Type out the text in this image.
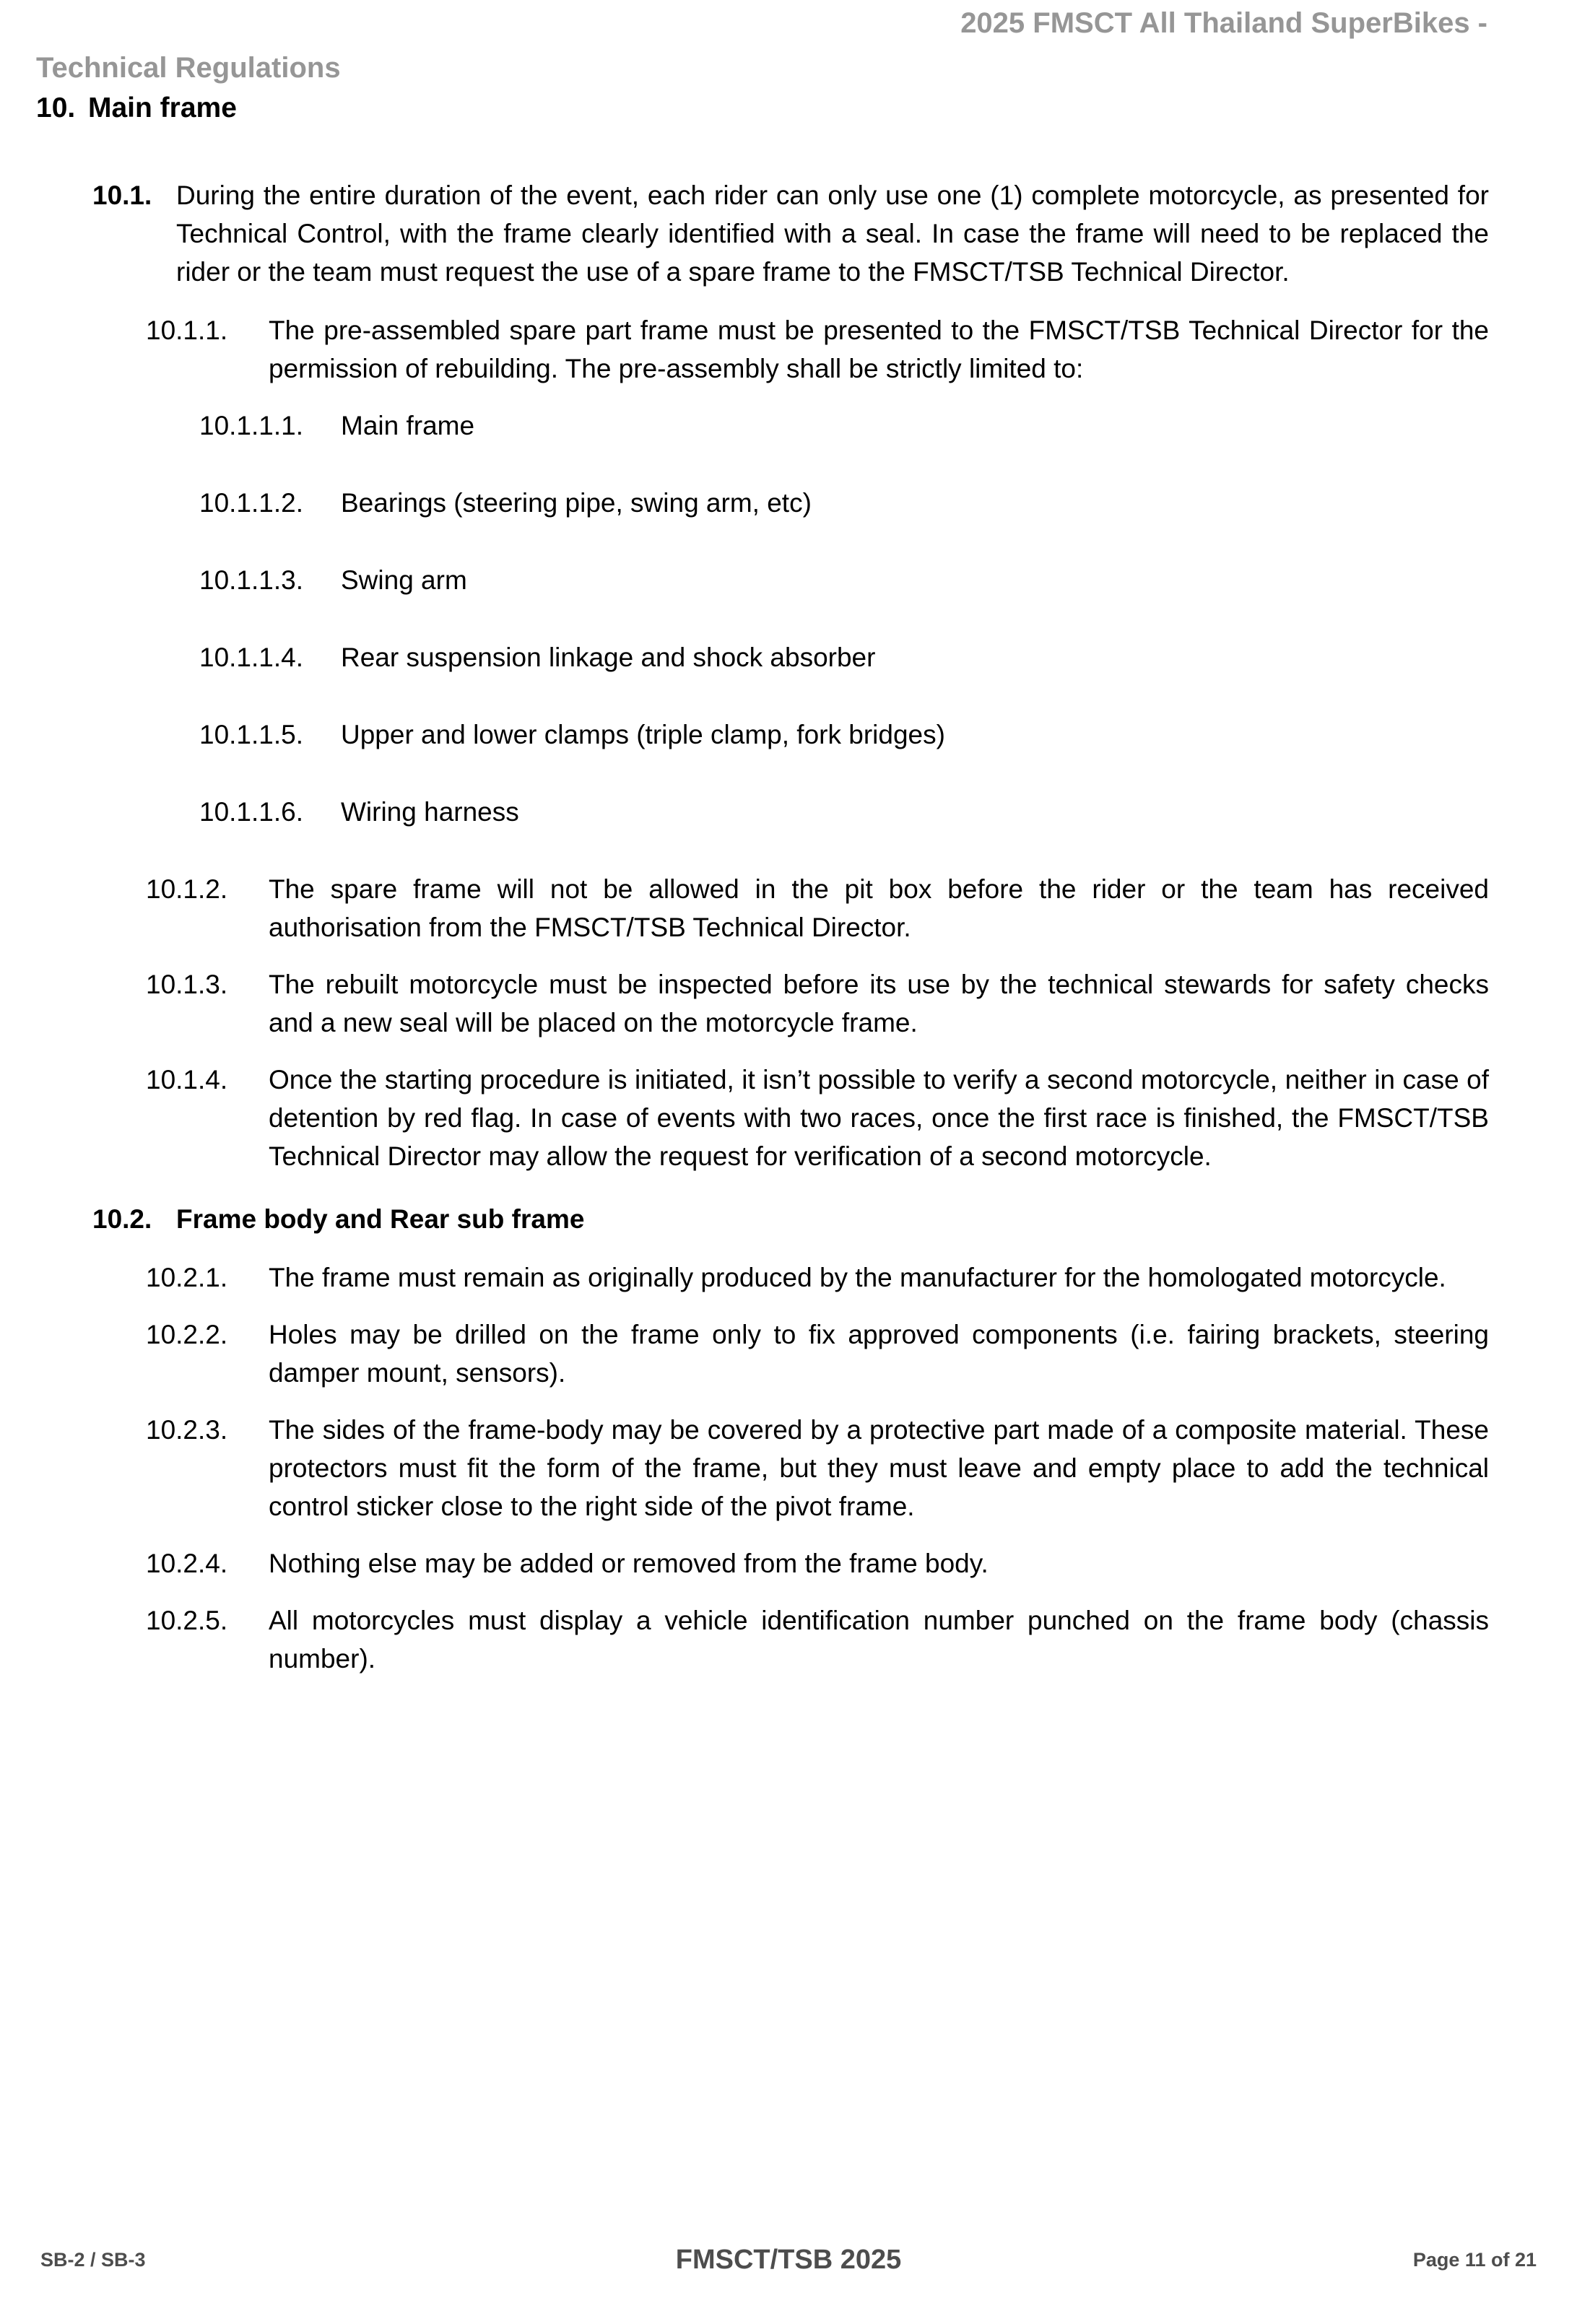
2025 FMSCT All Thailand SuperBikes -
Technical Regulations
10. Main frame
10.1. During the entire duration of the event, each rider can only use one (1) complete motorcycle, as presented for Technical Control, with the frame clearly identified with a seal. In case the frame will need to be replaced the rider or the team must request the use of a spare frame to the FMSCT/TSB Technical Director.
10.1.1.	The pre-assembled spare part frame must be presented to the FMSCT/TSB Technical Director for the permission of rebuilding. The pre-assembly shall be strictly limited to:
10.1.1.1.	Main frame
10.1.1.2.	Bearings (steering pipe, swing arm, etc)
10.1.1.3.	Swing arm
10.1.1.4.	Rear suspension linkage and shock absorber
10.1.1.5.	Upper and lower clamps (triple clamp, fork bridges)
10.1.1.6.	Wiring harness
10.1.2.	The spare frame will not be allowed in the pit box before the rider or the team has received authorisation from the FMSCT/TSB Technical Director.
10.1.3.	The rebuilt motorcycle must be inspected before its use by the technical stewards for safety checks and a new seal will be placed on the motorcycle frame.
10.1.4.	Once the starting procedure is initiated, it isn’t possible to verify a second motorcycle, neither in case of detention by red flag. In case of events with two races, once the first race is finished, the FMSCT/TSB Technical Director may allow the request for verification of a second motorcycle.
10.2. Frame body and Rear sub frame
10.2.1.	The frame must remain as originally produced by the manufacturer for the homologated motorcycle.
10.2.2.	Holes may be drilled on the frame only to fix approved components (i.e. fairing brackets, steering damper mount, sensors).
10.2.3.	The sides of the frame-body may be covered by a protective part made of a composite material. These protectors must fit the form of the frame, but they must leave and empty place to add the technical control sticker close to the right side of the pivot frame.
10.2.4.	Nothing else may be added or removed from the frame body.
10.2.5.	All motorcycles must display a vehicle identification number punched on the frame body (chassis number).
SB-2 / SB-3	FMSCT/TSB 2025	Page 11 of 21
